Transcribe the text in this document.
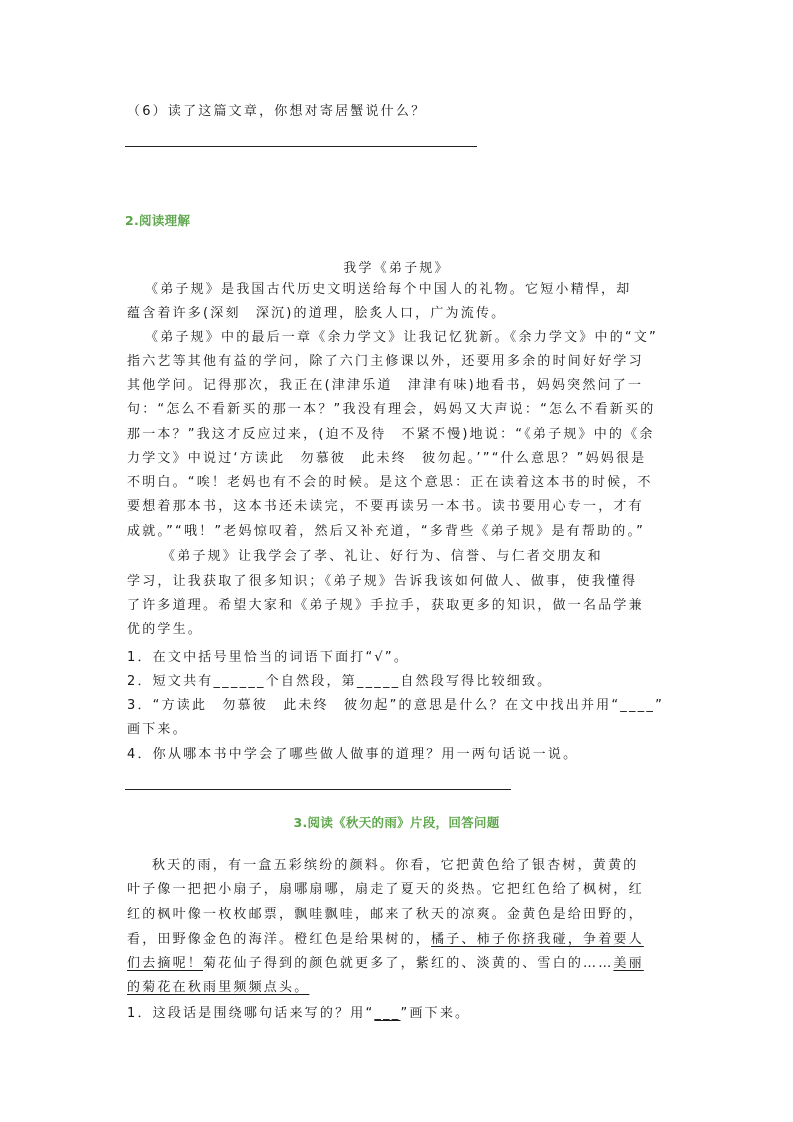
（6）读了这篇文章，你想对寄居蟹说什么？
2.阅读理解
我学《弟子规》
《弟子规》是我国古代历史文明送给每个中国人的礼物。它短小精悍，却
蕴含着许多(深刻　深沉)的道理，脍炙人口，广为流传。
《弟子规》中的最后一章《余力学文》让我记忆犹新。《余力学文》中的“文”
指六艺等其他有益的学问，除了六门主修课以外，还要用多余的时间好好学习
其他学问。记得那次，我正在(津津乐道　津津有味)地看书，妈妈突然问了一
句：“怎么不看新买的那一本？”我没有理会，妈妈又大声说：“怎么不看新买的
那一本？”我这才反应过来，(迫不及待　不紧不慢)地说：“《弟子规》中的《余
力学文》中说过‘方读此　勿慕彼　此未终　彼勿起。’”“什么意思？”妈妈很是
不明白。“唉！老妈也有不会的时候。是这个意思：正在读着这本书的时候，不
要想着那本书，这本书还未读完，不要再读另一本书。读书要用心专一，才有
成就。”“哦！”老妈惊叹着，然后又补充道，“多背些《弟子规》是有帮助的。”
《弟子规》让我学会了孝、礼让、好行为、信誉、与仁者交朋友和
学习，让我获取了很多知识；《弟子规》告诉我该如何做人、做事，使我懂得
了许多道理。希望大家和《弟子规》手拉手，获取更多的知识，做一名品学兼
优的学生。
1．在文中括号里恰当的词语下面打“√”。
2．短文共有______个自然段，第_____自然段写得比较细致。
3．“方读此　勿慕彼　此未终　彼勿起”的意思是什么？在文中找出并用“____”
画下来。
4．你从哪本书中学会了哪些做人做事的道理？用一两句话说一说。
3.阅读《秋天的雨》片段，回答问题
秋天的雨，有一盒五彩缤纷的颜料。你看，它把黄色给了银杏树，黄黄的
叶子像一把把小扇子，扇哪扇哪，扇走了夏天的炎热。它把红色给了枫树，红
红的枫叶像一枚枚邮票，飘哇飘哇，邮来了秋天的凉爽。金黄色是给田野的，
看，田野像金色的海洋。橙红色是给果树的，橘子、柿子你挤我碰，争着要人
们去摘呢！菊花仙子得到的颜色就更多了，紫红的、淡黄的、雪白的……美丽
的菊花在秋雨里频频点头。
1．这段话是围绕哪句话来写的？用“___”画下来。
